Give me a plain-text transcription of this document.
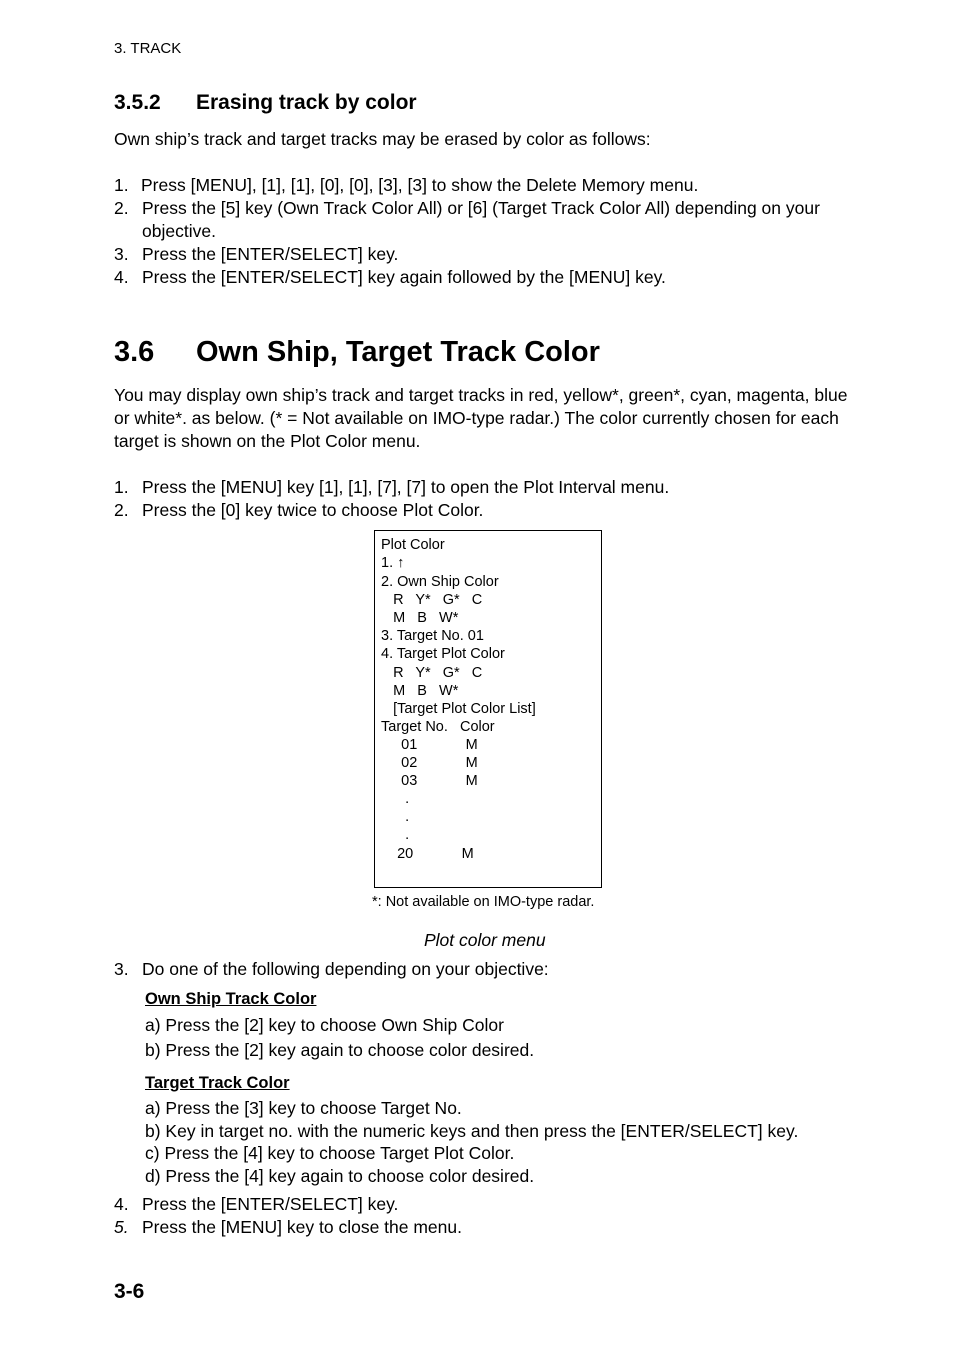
3. TRACK
3.5.2 Erasing track by color
Own ship’s track and target tracks may be erased by color as follows:
1. Press [MENU], [1], [1], [0], [0], [3], [3] to show the Delete Memory menu.
2. Press the [5] key (Own Track Color All) or [6] (Target Track Color All) depending on your objective.
3. Press the [ENTER/SELECT] key.
4. Press the [ENTER/SELECT] key again followed by the [MENU] key.
3.6 Own Ship, Target Track Color
You may display own ship’s track and target tracks in red, yellow*, green*, cyan, magenta, blue or white*. as below. (* = Not available on IMO-type radar.) The color currently chosen for each target is shown on the Plot Color menu.
1. Press the [MENU] key [1], [1], [7], [7] to open the Plot Interval menu.
2. Press the [0] key twice to choose Plot Color.
Plot Color
1. ↑
2. Own Ship Color
R   Y*   G*   C
M   B   W*
3. Target No. 01
4. Target Plot Color
R   Y*   G*   C
M   B   W*
[Target Plot Color List]
Target No.   Color
01            M
02            M
03            M
.
.
.
20            M
*: Not available on IMO-type radar.
Plot color menu
3. Do one of the following depending on your objective:
Own Ship Track Color
a) Press the [2] key to choose Own Ship Color
b) Press the [2] key again to choose color desired.
Target Track Color
a) Press the [3] key to choose Target No.
b) Key in target no. with the numeric keys and then press the [ENTER/SELECT] key.
c) Press the [4] key to choose Target Plot Color.
d) Press the [4] key again to choose color desired.
4. Press the [ENTER/SELECT] key.
5. Press the [MENU] key to close the menu.
3-6
